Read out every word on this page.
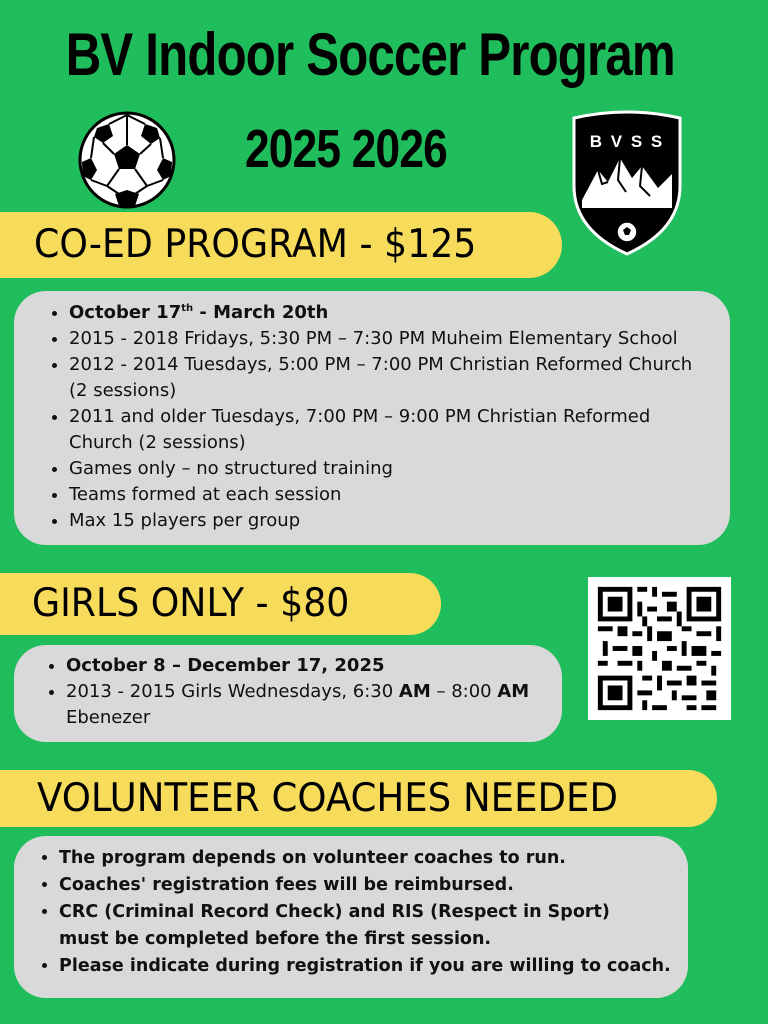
BV Indoor Soccer Program
2025 2026	B V S S
CO-ED PROGRAM - $125
• October 17th - March 20th
• 2015 - 2018 Fridays, 5:30 PM – 7:30 PM Muheim Elementary School
• 2012 - 2014 Tuesdays, 5:00 PM – 7:00 PM Christian Reformed Church
(2 sessions)
• 2011 and older Tuesdays, 7:00 PM – 9:00 PM Christian Reformed
Church (2 sessions)
• Games only – no structured training
• Teams formed at each session
• Max 15 players per group
GIRLS ONLY - $80
• October 8 – December 17, 2025
• 2013 - 2015 Girls Wednesdays, 6:30 AM – 8:00 AM
Ebenezer
VOLUNTEER COACHES NEEDED
• The program depends on volunteer coaches to run.
• Coaches' registration fees will be reimbursed.
• CRC (Criminal Record Check) and RIS (Respect in Sport)
must be completed before the first session.
• Please indicate during registration if you are willing to coach.
